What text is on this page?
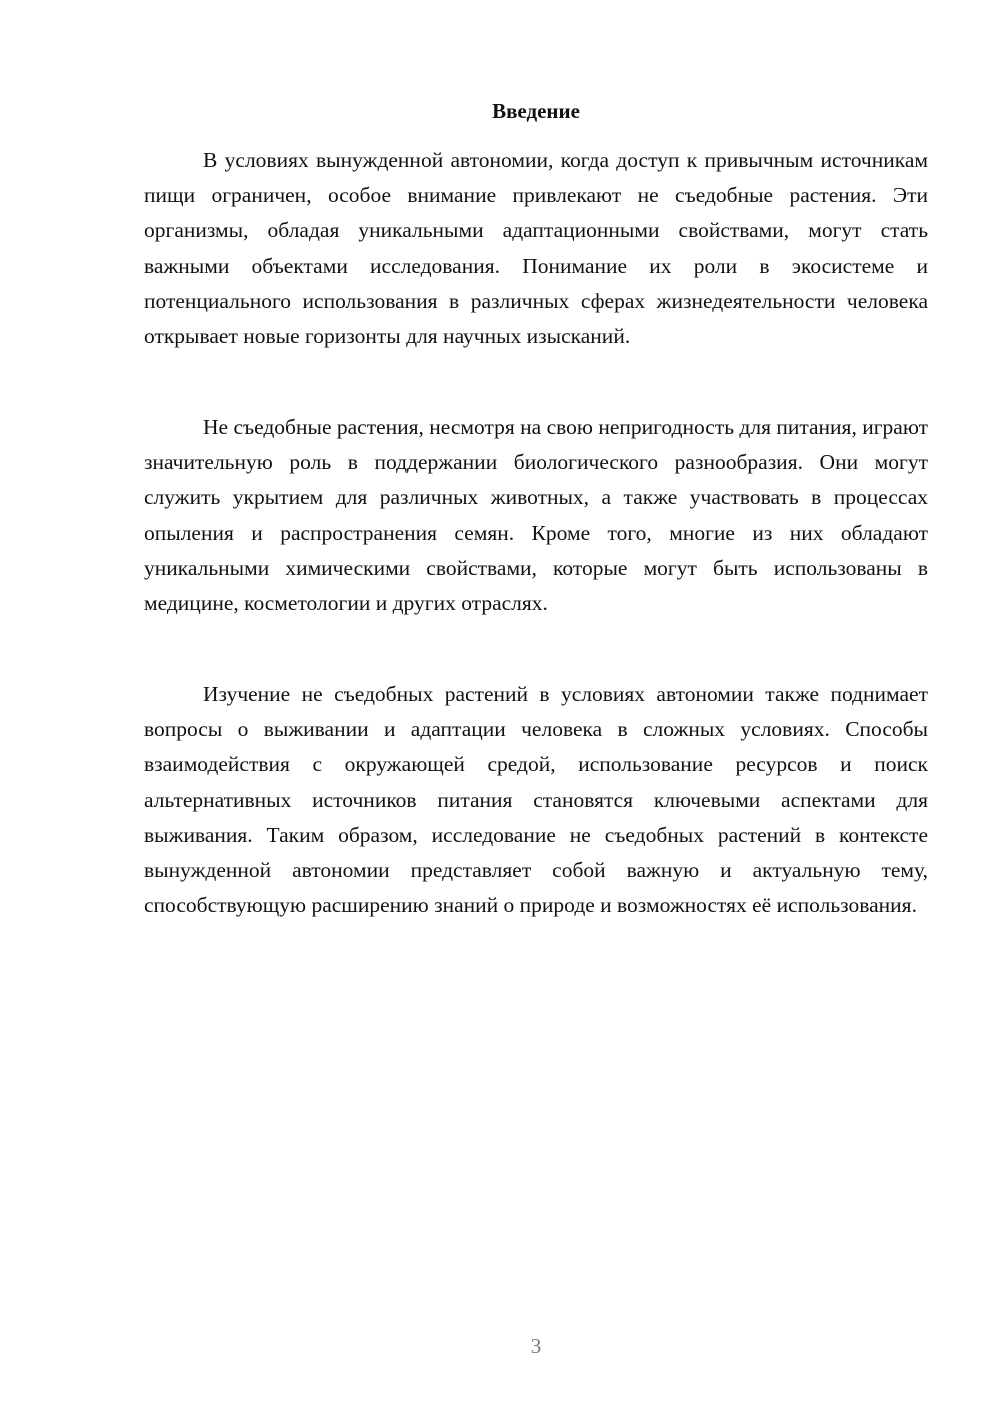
Введение

В условиях вынужденной автономии, когда доступ к привычным источникам пищи ограничен, особое внимание привлекают не съедобные растения. Эти организмы, обладая уникальными адаптационными свойствами, могут стать важными объектами исследования. Понимание их роли в экосистеме и потенциального использования в различных сферах жизнедеятельности человека открывает новые горизонты для научных изысканий.

Не съедобные растения, несмотря на свою непригодность для питания, играют значительную роль в поддержании биологического разнообразия. Они могут служить укрытием для различных животных, а также участвовать в процессах опыления и распространения семян. Кроме того, многие из них обладают уникальными химическими свойствами, которые могут быть использованы в медицине, косметологии и других отраслях.

Изучение не съедобных растений в условиях автономии также поднимает вопросы о выживании и адаптации человека в сложных условиях. Способы взаимодействия с окружающей средой, использование ресурсов и поиск альтернативных источников питания становятся ключевыми аспектами для выживания. Таким образом, исследование не съедобных растений в контексте вынужденной автономии представляет собой важную и актуальную тему, способствующую расширению знаний о природе и возможностях её использования.

3
